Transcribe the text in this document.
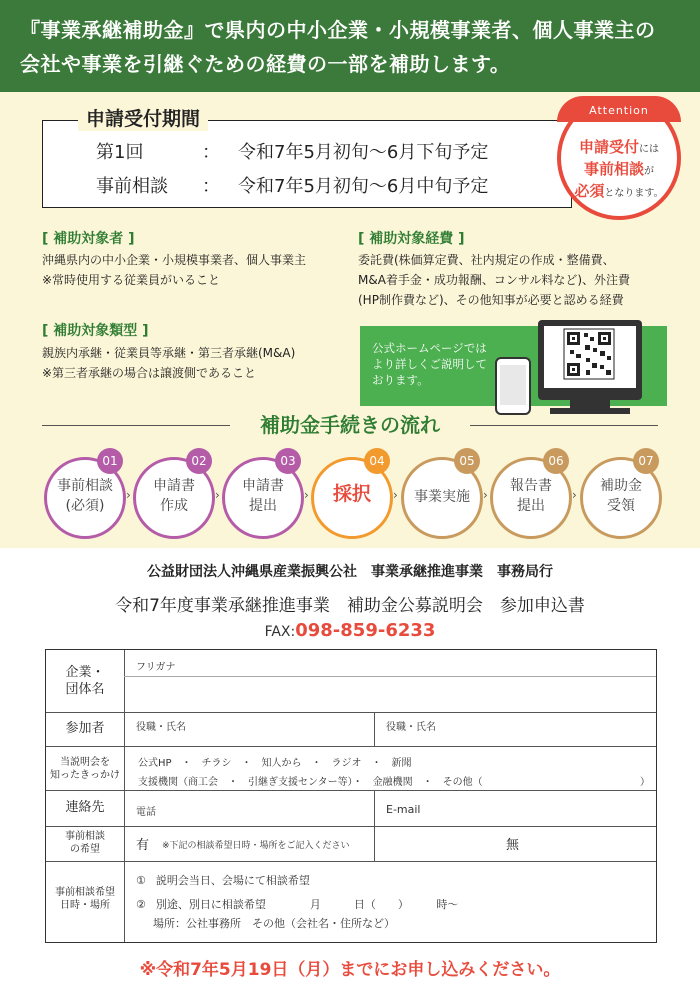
『事業承継補助金』で県内の中小企業・小規模事業者、個人事業主の
会社や事業を引継ぐための経費の一部を補助します。
申請受付期間
第1回	： 令和7年5月初旬～6月下旬予定
事前相談 ： 令和7年5月初旬～6月中旬予定
Attention
申請受付には
事前相談が
必須となります。
[ 補助対象者 ]
沖縄県内の中小企業・小規模事業者、個人事業主
※常時使用する従業員がいること
[ 補助対象類型 ]
親族内承継・従業員等承継・第三者承継(M&A)
※第三者承継の場合は譲渡側であること
[ 補助対象経費 ]
委託費(株価算定費、社内規定の作成・整備費、
M&A着手金・成功報酬、コンサル料など)、外注費
(HP制作費など)、その他知事が必要と認める経費
公式ホームページでは
より詳しくご説明して
おります。
補助金手続きの流れ
01
事前相談
(必須)
›
02
申請書
作成
›
03
申請書
提出
›
04
採択	›
05
事業実施	›
06
報告書
提出
›
07
補助金
受領
公益財団法人沖縄県産業振興公社　事業承継推進事業　事務局行
令和7年度事業承継推進事業　補助金公募説明会　参加申込書
FAX:098-859-6233
企業・
団体名
フリガナ
参加者	役職・氏名	役職・氏名
当説明会を
知ったきっかけ
公式HP　・　チラシ　・　知人から　・　ラジオ　・　新聞
支援機関（商工会　・　引継ぎ支援センター等）・　金融機関　・　その他（	）
連絡先	電話	E-mail
事前相談
の希望	有 ※下記の相談希望日時・場所をご記入ください	無
事前相談希望
日時・場所
① 説明会当日、会場にて相談希望
② 別途、別日に相談希望　　　　月　　　日（　　）　　　時～
場所：公社事務所　その他（会社名・住所など）
※令和7年5月19日（月）までにお申し込みください。
